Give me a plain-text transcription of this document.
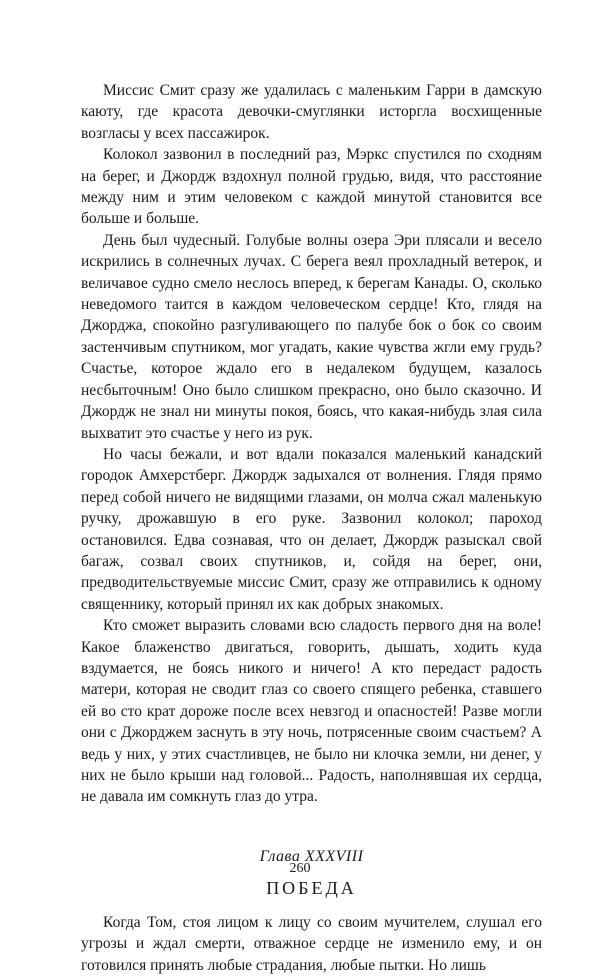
Миссис Смит сразу же удалилась с маленьким Гарри в дамскую каюту, где красота девочки-смуглянки исторгла восхищенные возгласы у всех пассажирок.

Колокол зазвонил в последний раз, Мэркс спустился по сходням на берег, и Джордж вздохнул полной грудью, видя, что расстояние между ним и этим человеком с каждой минутой становится все больше и больше.

День был чудесный. Голубые волны озера Эри плясали и весело искрились в солнечных лучах. С берега веял прохладный ветерок, и величавое судно смело неслось вперед, к берегам Канады. О, сколько неведомого таится в каждом человеческом сердце! Кто, глядя на Джорджа, спокойно разгуливающего по палубе бок о бок со своим застенчивым спутником, мог угадать, какие чувства жгли ему грудь? Счастье, которое ждало его в недалеком будущем, казалось несбыточным! Оно было слишком прекрасно, оно было сказочно. И Джордж не знал ни минуты покоя, боясь, что какая-нибудь злая сила выхватит это счастье у него из рук.

Но часы бежали, и вот вдали показался маленький канадский городок Амхерстберг. Джордж задыхался от волнения. Глядя прямо перед собой ничего не видящими глазами, он молча сжал маленькую ручку, дрожавшую в его руке. Зазвонил колокол; пароход остановился. Едва сознавая, что он делает, Джордж разыскал свой багаж, созвал своих спутников, и, сойдя на берег, они, предводительствуемые миссис Смит, сразу же отправились к одному священнику, который принял их как добрых знакомых.

Кто сможет выразить словами всю сладость первого дня на воле! Какое блаженство двигаться, говорить, дышать, ходить куда вздумается, не боясь никого и ничего! А кто передаст радость матери, которая не сводит глаз со своего спящего ребенка, ставшего ей во сто крат дороже после всех невзгод и опасностей! Разве могли они с Джорджем заснуть в эту ночь, потрясенные своим счастьем? А ведь у них, у этих счастливцев, не было ни клочка земли, ни денег, у них не было крыши над головой... Радость, наполнявшая их сердца, не давала им сомкнуть глаз до утра.

Глава XXXVIII
ПОБЕДА

Когда Том, стоя лицом к лицу со своим мучителем, слушал его угрозы и ждал смерти, отважное сердце не изменило ему, и он готовился принять любые страдания, любые пытки. Но лишь

260
